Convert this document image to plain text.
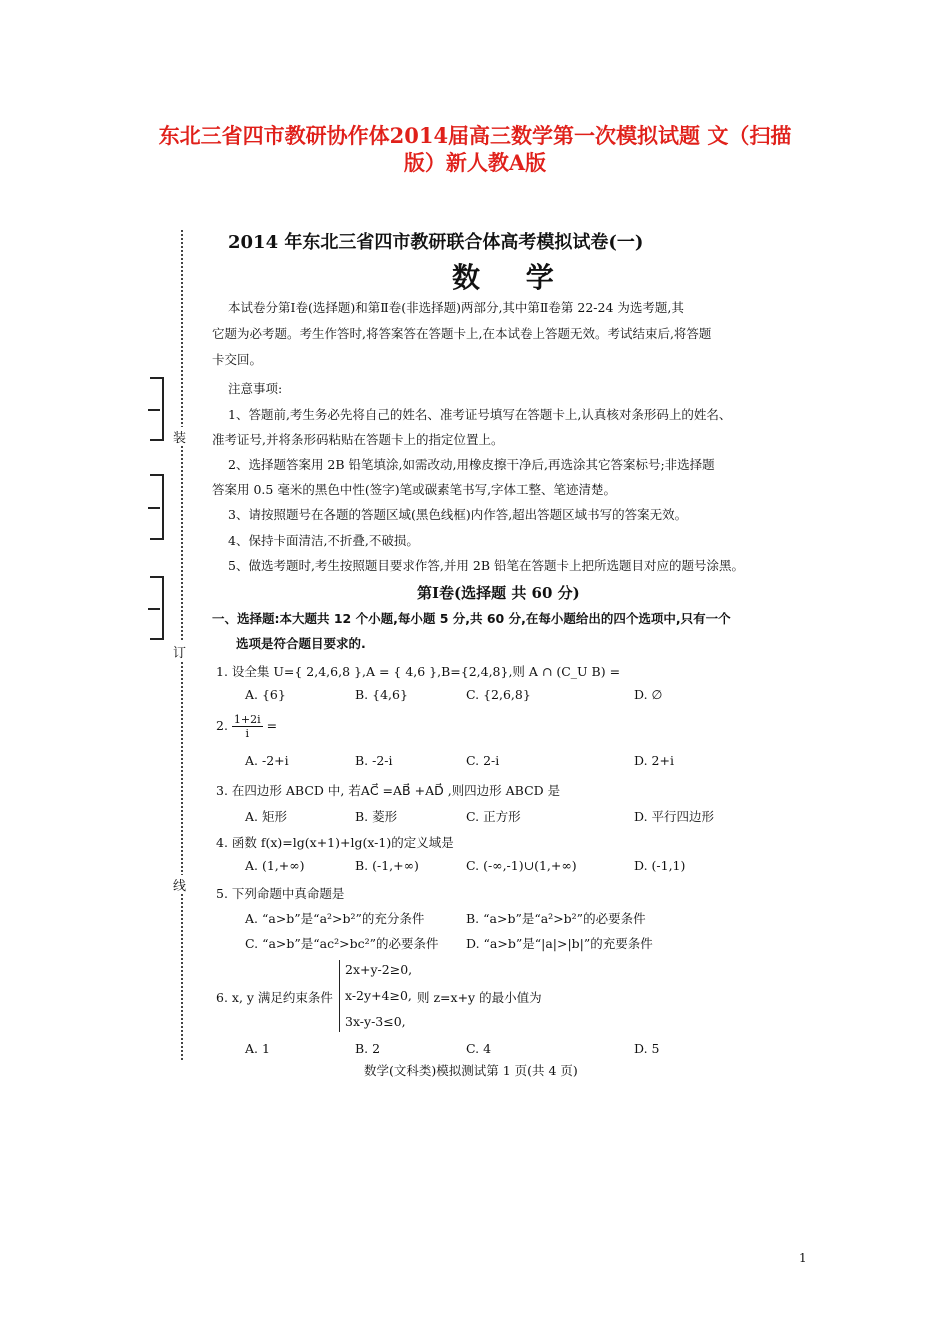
东北三省四市教研协作体2014届高三数学第一次模拟试题 文（扫描
版）新人教A版
装
订
线
2014 年东北三省四市教研联合体高考模拟试卷(一)
数 学
本试卷分第Ⅰ卷(选择题)和第Ⅱ卷(非选择题)两部分,其中第Ⅱ卷第 22-24 为选考题,其
它题为必考题。考生作答时,将答案答在答题卡上,在本试卷上答题无效。考试结束后,将答题
卡交回。
注意事项:
1、答题前,考生务必先将自己的姓名、准考证号填写在答题卡上,认真核对条形码上的姓名、
准考证号,并将条形码粘贴在答题卡上的指定位置上。
2、选择题答案用 2B 铅笔填涂,如需改动,用橡皮擦干净后,再选涂其它答案标号;非选择题
答案用 0.5 毫米的黑色中性(签字)笔或碳素笔书写,字体工整、笔迹清楚。
3、请按照题号在各题的答题区域(黑色线框)内作答,超出答题区域书写的答案无效。
4、保持卡面清洁,不折叠,不破损。
5、做选考题时,考生按照题目要求作答,并用 2B 铅笔在答题卡上把所选题目对应的题号涂黑。
第Ⅰ卷(选择题 共 60 分)
一、选择题:本大题共 12 个小题,每小题 5 分,共 60 分,在每小题给出的四个选项中,只有一个
选项是符合题目要求的.
1. 设全集 U={ 2,4,6,8 },A = { 4,6 },B={2,4,8},则 A ∩ (C_U B) =
A. {6}	B. {4,6}	C. {2,6,8}	D. ∅
2. $\frac{1+2i}{i}$ =
A. -2+i	B. -2-i	C. 2-i	D. 2+i
3. 在四边形 ABCD 中, 若AC⃗ =AB⃗ +AD⃗ ,则四边形 ABCD 是
A. 矩形	B. 菱形	C. 正方形	D. 平行四边形
4. 函数 f(x)=lg(x+1)+lg(x-1)的定义域是
A. (1,+∞)	B. (-1,+∞)	C. (-∞,-1)∪(1,+∞)	D. (-1,1)
5. 下列命题中真命题是
A. “a>b”是“a²>b²”的充分条件	B. “a>b”是“a²>b²”的必要条件
C. “a>b”是“ac²>bc²”的必要条件 D. “a>b”是“|a|>|b|”的充要条件
6. x, y 满足约束条件
2x+y-2≥0,
x-2y+4≥0,
3x-y-3≤0,
则 z=x+y 的最小值为
A. 1	B. 2	C. 4	D. 5
数学(文科类)模拟测试第 1 页(共 4 页)
1
